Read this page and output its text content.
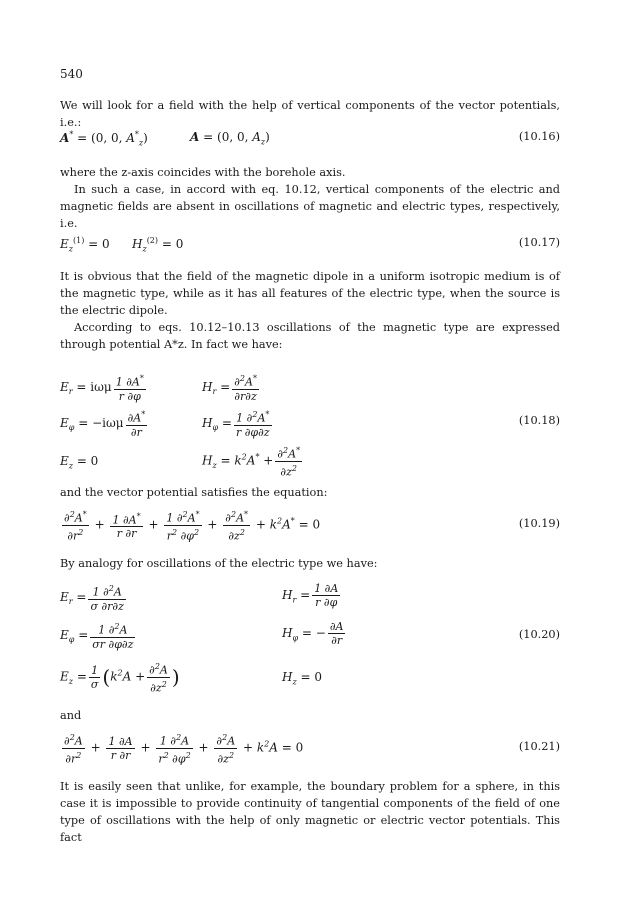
540

We will look for a field with the help of vertical components of the vector potentials, i.e.:

A* = (0, 0, $A^*_z$)	A = (0, 0, $A_z$)	(10.16)

where the z-axis coincides with the borehole axis.

In such a case, in accord with eq. 10.12, vertical components of the electric and magnetic fields are absent in oscillations of magnetic and electric types, respectively, i.e.

$E_z^{(1)} = 0$ $H_z^{(2)} = 0$	(10.17)

It is obvious that the field of the magnetic dipole in a uniform isotropic medium is of the magnetic type, while as it has all features of the electric type, when the source is the electric dipole.

According to eqs. 10.12–10.13 oscillations of the magnetic type are expressed through potential A*z. In fact we have:

$E_r = i\omega\mu \frac{1 \partial A^*}{r \partial\varphi}$	$H_r = \frac{\partial^2A^*}{\partial r\partial z}$
$E_\varphi = -i\omega\mu \frac{\partial A^*}{\partial r}$	$H_\varphi = \frac{1 \partial^2A^*}{r \partial\varphi\partial z}$
$E_z = 0$	$H_z = k^2A^* + \frac{\partial^2A^*}{\partial z^2}$
(10.18)

and the vector potential satisfies the equation:

$\frac{\partial^2A^*}{\partial r^2} + \frac{1 \partial A^*}{r \partial r} + \frac{1 \partial^2A^*}{r^2 \partial\varphi^2} + \frac{\partial^2A^*}{\partial z^2} + k^2A^* = 0$	(10.19)

By analogy for oscillations of the electric type we have:

$E_r = \frac{1 \partial^2A}{\sigma \partial r\partial z}$	$H_r = \frac{1 \partial A}{r \partial\varphi}$
$E_\varphi = \frac{1 \partial^2A}{\sigma r \partial\varphi\partial z}$	$H_\varphi$ = − $\frac{\partial A}{\partial r}$
$E_z = \frac{1}{\sigma} (k^2A + \frac{\partial^2A}{\partial z^2}$ )	$H_z = 0$
(10.20)

and

$\frac{\partial^2A}{\partial r^2} + \frac{1 \partial A}{r \partial r} + \frac{1 \partial^2A}{r^2 \partial\varphi^2} + \frac{\partial^2A}{\partial z^2} + k^2A = 0$	(10.21)

It is easily seen that unlike, for example, the boundary problem for a sphere, in this case it is impossible to provide continuity of tangential components of the field of one type of oscillations with the help of only magnetic or electric vector potentials. This fact
